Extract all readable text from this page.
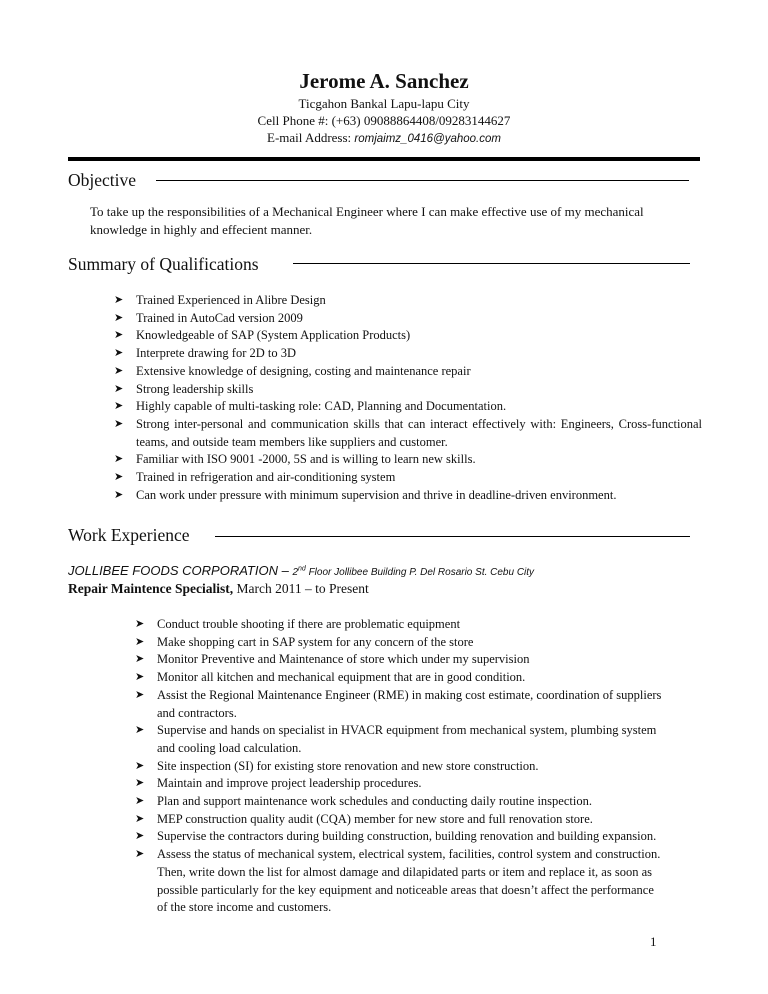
Jerome A. Sanchez
Ticgahon Bankal Lapu-lapu City
Cell Phone #: (+63) 09088864408/09283144627
E-mail Address: romjaimz_0416@yahoo.com
Objective
To take up the responsibilities of a Mechanical Engineer where I can make effective use of my mechanical knowledge in highly and effecient manner.
Summary of Qualifications
➤ Trained Experienced in Alibre Design
➤ Trained in AutoCad version 2009
➤ Knowledgeable of SAP (System Application Products)
➤ Interprete drawing for 2D to 3D
➤ Extensive knowledge of designing, costing and maintenance repair
➤ Strong leadership skills
➤ Highly capable of multi-tasking role: CAD, Planning and Documentation.
➤ Strong inter-personal and communication skills that can interact effectively with: Engineers, Cross-functional teams, and outside team members like suppliers and customer.
➤ Familiar with ISO 9001 -2000, 5S and is willing to learn new skills.
➤ Trained in refrigeration and air-conditioning system
➤ Can work under pressure with minimum supervision and thrive in deadline-driven environment.
Work Experience
JOLLIBEE FOODS CORPORATION – 2nd Floor Jollibee Building P. Del Rosario St. Cebu City
Repair Maintence Specialist, March 2011 – to Present
➤ Conduct trouble shooting if there are problematic equipment
➤ Make shopping cart in SAP system for any concern of the store
➤ Monitor Preventive and Maintenance of store which under my supervision
➤ Monitor all kitchen and mechanical equipment that are in good condition.
➤ Assist the Regional Maintenance Engineer (RME) in making cost estimate, coordination of suppliers and contractors.
➤ Supervise and hands on specialist in HVACR equipment from mechanical system, plumbing system and cooling load calculation.
➤ Site inspection (SI) for existing store renovation and new store construction.
➤ Maintain and improve project leadership procedures.
➤ Plan and support maintenance work schedules and conducting daily routine inspection.
➤ MEP construction quality audit (CQA) member for new store and full renovation store.
➤ Supervise the contractors during building construction, building renovation and building expansion.
➤ Assess the status of mechanical system, electrical system, facilities, control system and construction. Then, write down the list for almost damage and dilapidated parts or item and replace it, as soon as possible particularly for the key equipment and noticeable areas that doesn’t affect the performance of the store income and customers.
1
